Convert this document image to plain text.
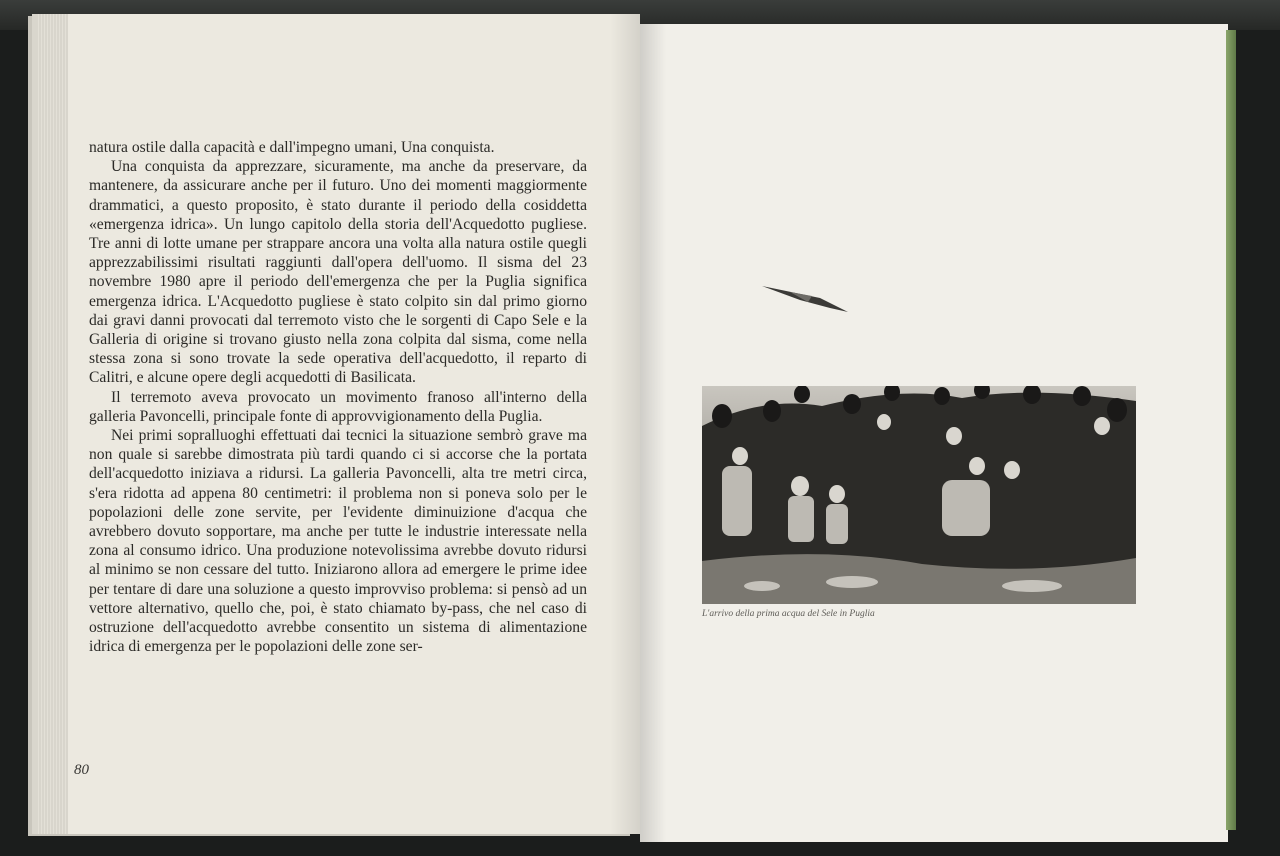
natura ostile dalla capacità e dall'impegno umani, Una conquista.

Una conquista da apprezzare, sicuramente, ma anche da preservare, da mantenere, da assicurare anche per il futuro. Uno dei momenti maggiormente drammatici, a questo proposito, è stato durante il periodo della cosiddetta «emergenza idrica». Un lungo capitolo della storia dell'Acquedotto pugliese. Tre anni di lotte umane per strappare ancora una volta alla natura ostile quegli apprezzabilissimi risultati raggiunti dall'opera dell'uomo. Il sisma del 23 novembre 1980 apre il periodo dell'emergenza che per la Puglia significa emergenza idrica. L'Acquedotto pugliese è stato colpito sin dal primo giorno dai gravi danni provocati dal terremoto visto che le sorgenti di Capo Sele e la Galleria di origine si trovano giusto nella zona colpita dal sisma, come nella stessa zona si sono trovate la sede operativa dell'acquedotto, il reparto di Calitri, e alcune opere degli acquedotti di Basilicata.

Il terremoto aveva provocato un movimento franoso all'interno della galleria Pavoncelli, principale fonte di approvvigionamento della Puglia.

Nei primi sopralluoghi effettuati dai tecnici la situazione sembrò grave ma non quale si sarebbe dimostrata più tardi quando ci si accorse che la portata dell'acquedotto iniziava a ridursi. La galleria Pavoncelli, alta tre metri circa, s'era ridotta ad appena 80 centimetri: il problema non si poneva solo per le popolazioni delle zone servite, per l'evidente diminuizione d'acqua che avrebbero dovuto sopportare, ma anche per tutte le industrie interessate nella zona al consumo idrico. Una produzione notevolissima avrebbe dovuto ridursi al minimo se non cessare del tutto. Iniziarono allora ad emergere le prime idee per tentare di dare una soluzione a questo improvviso problema: si pensò ad un vettore alternativo, quello che, poi, è stato chiamato by-pass, che nel caso di ostruzione dell'acquedotto avrebbe consentito un sistema di alimentazione idrica di emergenza per le popolazioni delle zone ser-

80
L'arrivo della prima acqua del Sele in Puglia
